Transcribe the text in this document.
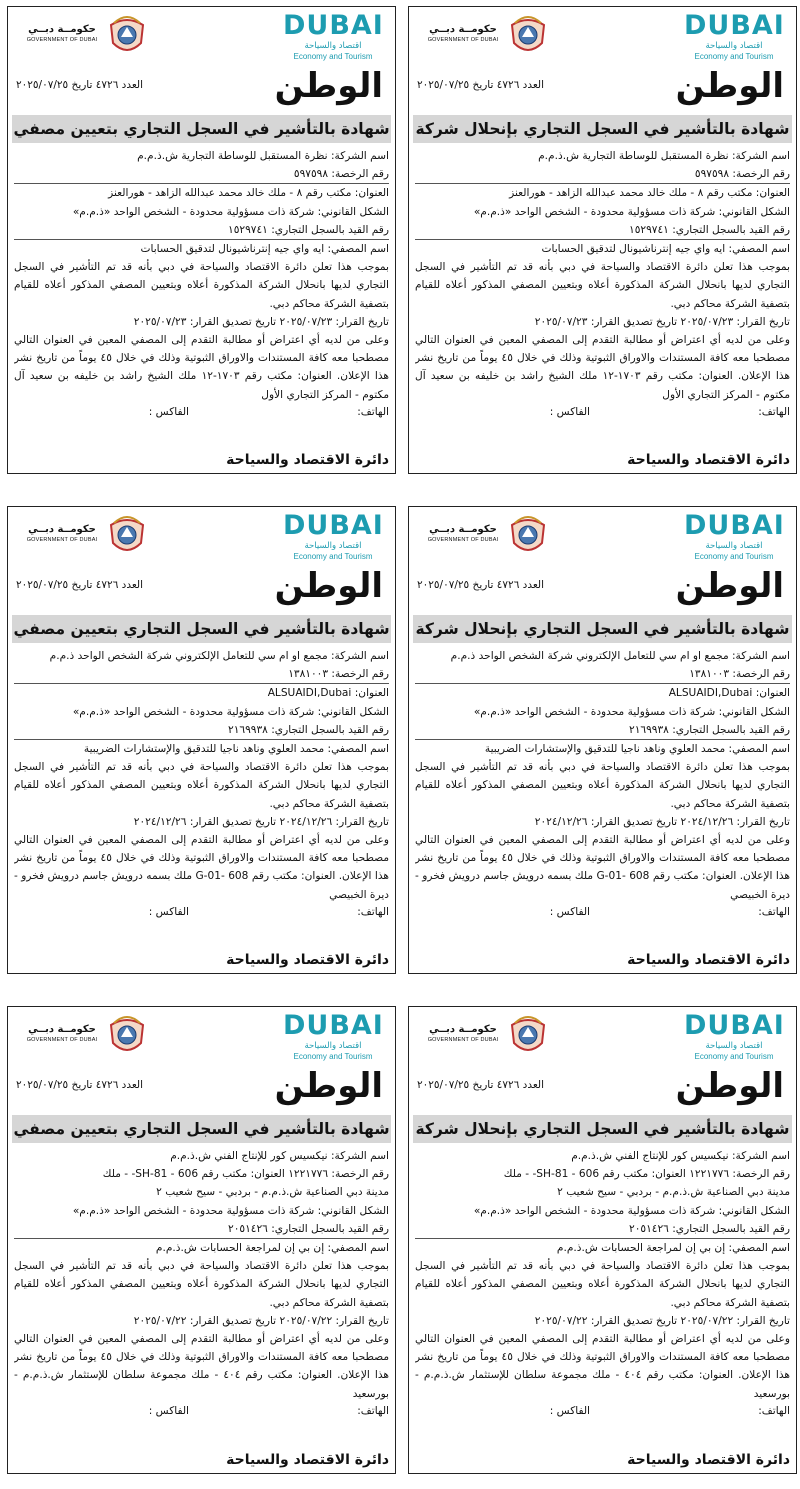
DUBAI
اقتصاد والسياحة
Economy and Tourism
حكومــة دبــي
GOVERNMENT OF DUBAI
الوطن
العدد ٤٧٢٦ تاريخ ٢٠٢٥/٠٧/٢٥
شهادة بالتأشير في السجل التجاري بإنحلال شركة
اسم الشركة: نظرة المستقبل للوساطة التجارية ش.ذ.م.م
رقم الرخصة: ٥٩٧٥٩٨
العنوان: مكتب رقم ٨ - ملك خالد محمد عبدالله الزاهد - هورالعنز
الشكل القانوني: شركة ذات مسؤولية محدودة - الشخص الواحد «ذ.م.م»
رقم القيد بالسجل التجاري: ١٥٢٩٧٤١
اسم المصفي: ايه واي جيه إنترناشيونال لتدقيق الحسابات
بموجب هذا تعلن دائرة الاقتصاد والسياحة في دبي بأنه قد تم التأشير في السجل التجاري لديها بانحلال الشركة المذكورة أعلاه وبتعيين المصفي المذكور أعلاه للقيام بتصفية الشركة محاكم دبي.
تاريخ القرار: ٢٠٢٥/٠٧/٢٣ تاريخ تصديق القرار: ٢٠٢٥/٠٧/٢٣
وعلى من لديه أي اعتراض أو مطالبة التقدم إلى المصفي المعين في العنوان التالي مصطحبا معه كافة المستندات والاوراق الثبوتية وذلك في خلال ٤٥ يوماً من تاريخ نشر هذا الإعلان. العنوان: مكتب رقم ١٧٠٣-١٢ ملك الشيخ راشد بن خليفه بن سعيد آل مكتوم - المركز التجاري الأول
الهاتف:
الفاكس :
دائرة الاقتصاد والسياحة
DUBAI
اقتصاد والسياحة
Economy and Tourism
حكومــة دبــي
GOVERNMENT OF DUBAI
الوطن
العدد ٤٧٢٦ تاريخ ٢٠٢٥/٠٧/٢٥
شهادة بالتأشير في السجل التجاري بتعيين مصفي
اسم الشركة: نظرة المستقبل للوساطة التجارية ش.ذ.م.م
رقم الرخصة: ٥٩٧٥٩٨
العنوان: مكتب رقم ٨ - ملك خالد محمد عبدالله الزاهد - هورالعنز
الشكل القانوني: شركة ذات مسؤولية محدودة - الشخص الواحد «ذ.م.م»
رقم القيد بالسجل التجاري: ١٥٢٩٧٤١
اسم المصفي: ايه واي جيه إنترناشيونال لتدقيق الحسابات
بموجب هذا تعلن دائرة الاقتصاد والسياحة في دبي بأنه قد تم التأشير في السجل التجاري لديها بانحلال الشركة المذكورة أعلاه وبتعيين المصفي المذكور أعلاه للقيام بتصفية الشركة محاكم دبي.
تاريخ القرار: ٢٠٢٥/٠٧/٢٣ تاريخ تصديق القرار: ٢٠٢٥/٠٧/٢٣
وعلى من لديه أي اعتراض أو مطالبة التقدم إلى المصفي المعين في العنوان التالي مصطحبا معه كافة المستندات والاوراق الثبوتية وذلك في خلال ٤٥ يوماً من تاريخ نشر هذا الإعلان. العنوان: مكتب رقم ١٧٠٣-١٢ ملك الشيخ راشد بن خليفه بن سعيد آل مكتوم - المركز التجاري الأول
الهاتف:
الفاكس :
دائرة الاقتصاد والسياحة
DUBAI
اقتصاد والسياحة
Economy and Tourism
حكومــة دبــي
GOVERNMENT OF DUBAI
الوطن
العدد ٤٧٢٦ تاريخ ٢٠٢٥/٠٧/٢٥
شهادة بالتأشير في السجل التجاري بإنحلال شركة
اسم الشركة: مجمع او ام سي للتعامل الإلكتروني شركة الشخص الواحد ذ.م.م
رقم الرخصة: ١٣٨١٠٠٣
العنوان: ALSUAIDI,Dubai
الشكل القانوني: شركة ذات مسؤولية محدودة - الشخص الواحد «ذ.م.م»
رقم القيد بالسجل التجاري: ٢١٦٩٩٣٨
اسم المصفي: محمد العلوي وناهد ناجيا للتدقيق والإستشارات الضريبية
بموجب هذا تعلن دائرة الاقتصاد والسياحة في دبي بأنه قد تم التأشير في السجل التجاري لديها بانحلال الشركة المذكورة أعلاه وبتعيين المصفي المذكور أعلاه للقيام بتصفية الشركة محاكم دبي.
تاريخ القرار: ٢٠٢٤/١٢/٢٦ تاريخ تصديق القرار: ٢٠٢٤/١٢/٢٦
وعلى من لديه أي اعتراض أو مطالبة التقدم إلى المصفي المعين في العنوان التالي مصطحبا معه كافة المستندات والاوراق الثبوتية وذلك في خلال ٤٥ يوماً من تاريخ نشر هذا الإعلان. العنوان: مكتب رقم G-01- 608 ملك بسمه درويش جاسم درويش فخرو - ديرة الخبيصي
الهاتف:
الفاكس :
دائرة الاقتصاد والسياحة
DUBAI
اقتصاد والسياحة
Economy and Tourism
حكومــة دبــي
GOVERNMENT OF DUBAI
الوطن
العدد ٤٧٢٦ تاريخ ٢٠٢٥/٠٧/٢٥
شهادة بالتأشير في السجل التجاري بتعيين مصفي
اسم الشركة: مجمع او ام سي للتعامل الإلكتروني شركة الشخص الواحد ذ.م.م
رقم الرخصة: ١٣٨١٠٠٣
العنوان: ALSUAIDI,Dubai
الشكل القانوني: شركة ذات مسؤولية محدودة - الشخص الواحد «ذ.م.م»
رقم القيد بالسجل التجاري: ٢١٦٩٩٣٨
اسم المصفي: محمد العلوي وناهد ناجيا للتدقيق والإستشارات الضريبية
بموجب هذا تعلن دائرة الاقتصاد والسياحة في دبي بأنه قد تم التأشير في السجل التجاري لديها بانحلال الشركة المذكورة أعلاه وبتعيين المصفي المذكور أعلاه للقيام بتصفية الشركة محاكم دبي.
تاريخ القرار: ٢٠٢٤/١٢/٢٦ تاريخ تصديق القرار: ٢٠٢٤/١٢/٢٦
وعلى من لديه أي اعتراض أو مطالبة التقدم إلى المصفي المعين في العنوان التالي مصطحبا معه كافة المستندات والاوراق الثبوتية وذلك في خلال ٤٥ يوماً من تاريخ نشر هذا الإعلان. العنوان: مكتب رقم G-01- 608 ملك بسمه درويش جاسم درويش فخرو - ديرة الخبيصي
الهاتف:
الفاكس :
دائرة الاقتصاد والسياحة
DUBAI
اقتصاد والسياحة
Economy and Tourism
حكومــة دبــي
GOVERNMENT OF DUBAI
الوطن
العدد ٤٧٢٦ تاريخ ٢٠٢٥/٠٧/٢٥
شهادة بالتأشير في السجل التجاري بإنحلال شركة
اسم الشركة: نيكسيس كور للإنتاج الفني ش.ذ.م.م
رقم الرخصة: ١٢٢١٧٧٦ العنوان: مكتب رقم 606 - 81-SH- - ملك
مدينة دبي الصناعية ش.ذ.م.م - بردبي - سيح شعيب ٢
الشكل القانوني: شركة ذات مسؤولية محدودة - الشخص الواحد «ذ.م.م»
رقم القيد بالسجل التجاري: ٢٠٥١٤٢٦
اسم المصفي: إن بي إن لمراجعة الحسابات ش.ذ.م.م
بموجب هذا تعلن دائرة الاقتصاد والسياحة في دبي بأنه قد تم التأشير في السجل التجاري لديها بانحلال الشركة المذكورة أعلاه وبتعيين المصفي المذكور أعلاه للقيام بتصفية الشركة محاكم دبي.
تاريخ القرار: ٢٠٢٥/٠٧/٢٢ تاريخ تصديق القرار: ٢٠٢٥/٠٧/٢٢
وعلى من لديه أي اعتراض أو مطالبة التقدم إلى المصفي المعين في العنوان التالي مصطحبا معه كافة المستندات والاوراق الثبوتية وذلك في خلال ٤٥ يوماً من تاريخ نشر هذا الإعلان. العنوان: مكتب رقم ٤٠٤ - ملك مجموعة سلطان للإستثمار ش.ذ.م.م - بورسعيد
الهاتف:
الفاكس :
دائرة الاقتصاد والسياحة
DUBAI
اقتصاد والسياحة
Economy and Tourism
حكومــة دبــي
GOVERNMENT OF DUBAI
الوطن
العدد ٤٧٢٦ تاريخ ٢٠٢٥/٠٧/٢٥
شهادة بالتأشير في السجل التجاري بتعيين مصفي
اسم الشركة: نيكسيس كور للإنتاج الفني ش.ذ.م.م
رقم الرخصة: ١٢٢١٧٧٦ العنوان: مكتب رقم 606 - 81-SH- - ملك
مدينة دبي الصناعية ش.ذ.م.م - بردبي - سيح شعيب ٢
الشكل القانوني: شركة ذات مسؤولية محدودة - الشخص الواحد «ذ.م.م»
رقم القيد بالسجل التجاري: ٢٠٥١٤٢٦
اسم المصفي: إن بي إن لمراجعة الحسابات ش.ذ.م.م
بموجب هذا تعلن دائرة الاقتصاد والسياحة في دبي بأنه قد تم التأشير في السجل التجاري لديها بانحلال الشركة المذكورة أعلاه وبتعيين المصفي المذكور أعلاه للقيام بتصفية الشركة محاكم دبي.
تاريخ القرار: ٢٠٢٥/٠٧/٢٢ تاريخ تصديق القرار: ٢٠٢٥/٠٧/٢٢
وعلى من لديه أي اعتراض أو مطالبة التقدم إلى المصفي المعين في العنوان التالي مصطحبا معه كافة المستندات والاوراق الثبوتية وذلك في خلال ٤٥ يوماً من تاريخ نشر هذا الإعلان. العنوان: مكتب رقم ٤٠٤ - ملك مجموعة سلطان للإستثمار ش.ذ.م.م - بورسعيد
الهاتف:
الفاكس :
دائرة الاقتصاد والسياحة
